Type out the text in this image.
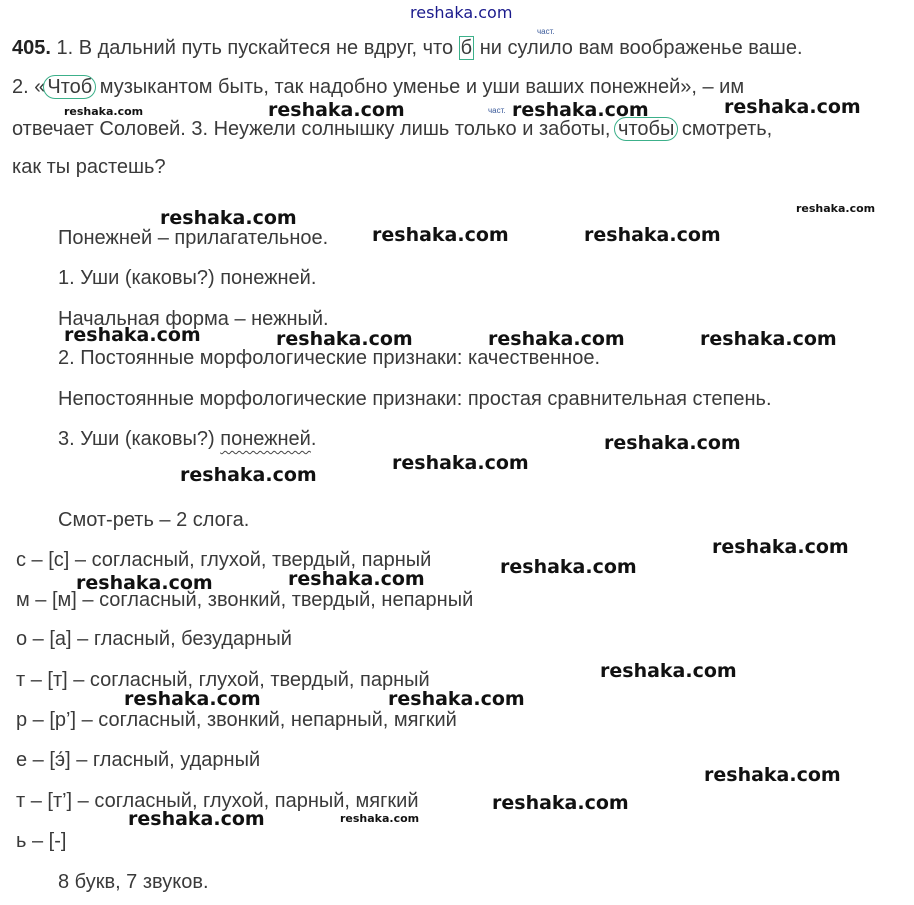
reshaka.com
405. 1. В дальний путь пускайтеся не вдруг, что б ни сулило вам воображенье ваше.
част.
2. « Чтоб музыкантом быть, так надобно уменье и уши ваших понежней», – им
отвечает Соловей. 3. Неужели солнышку лишь только и заботы, чтобы смотреть,
част.
как ты растешь?
Понежней – прилагательное.
1. Уши (каковы?) понежней.
Начальная форма – нежный.
2. Постоянные морфологические признаки: качественное.
Непостоянные морфологические признаки: простая сравнительная степень.
3. Уши (каковы?) понежней.
Смот-реть – 2 слога.
с – [с] – согласный, глухой, твердый, парный
м – [м] – согласный, звонкий, твердый, непарный
о – [а] – гласный, безударный
т – [т] – согласный, глухой, твердый, парный
р – [р’] – согласный, звонкий, непарный, мягкий
е – [э́] – гласный, ударный
т – [т’] – согласный, глухой, парный, мягкий
ь – [-]
8 букв, 7 звуков.
reshaka.com	reshaka.com	reshaka.com	reshaka.com
reshaka.com	reshaka.com
reshaka.com	reshaka.com
reshaka.com	reshaka.com	reshaka.com	reshaka.com
reshaka.com
reshaka.com
reshaka.com
reshaka.com
reshaka.com
reshaka.com
reshaka.com
reshaka.com
reshaka.com	reshaka.com
reshaka.com
reshaka.com
reshaka.com
reshaka.com
